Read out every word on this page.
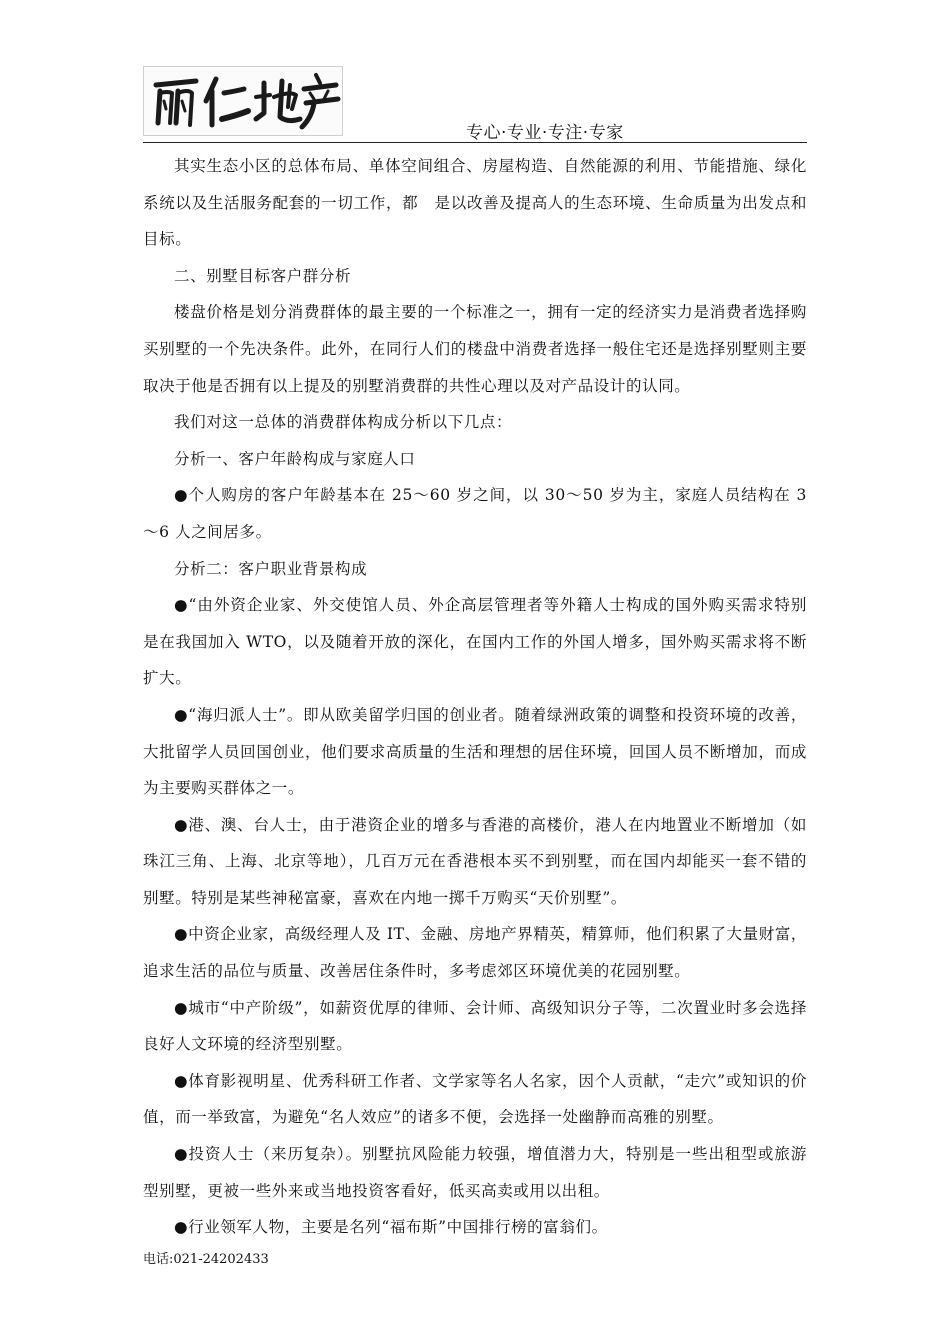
专心·专业·专注·专家

其实生态小区的总体布局、单体空间组合、房屋构造、自然能源的利用、节能措施、绿化系统以及生活服务配套的一切工作，都　是以改善及提高人的生态环境、生命质量为出发点和目标。

二、别墅目标客户群分析

楼盘价格是划分消费群体的最主要的一个标准之一，拥有一定的经济实力是消费者选择购买别墅的一个先决条件。此外，在同行人们的楼盘中消费者选择一般住宅还是选择别墅则主要取决于他是否拥有以上提及的别墅消费群的共性心理以及对产品设计的认同。

我们对这一总体的消费群体构成分析以下几点：

分析一、客户年龄构成与家庭人口

●个人购房的客户年龄基本在 25～60 岁之间，以 30～50 岁为主，家庭人员结构在 3～6 人之间居多。

分析二：客户职业背景构成

●“由外资企业家、外交使馆人员、外企高层管理者等外籍人士构成的国外购买需求特别是在我国加入 WTO，以及随着开放的深化，在国内工作的外国人增多，国外购买需求将不断扩大。

●“海归派人士”。即从欧美留学归国的创业者。随着绿洲政策的调整和投资环境的改善，大批留学人员回国创业，他们要求高质量的生活和理想的居住环境，回国人员不断增加，而成为主要购买群体之一。

●港、澳、台人士，由于港资企业的增多与香港的高楼价，港人在内地置业不断增加（如珠江三角、上海、北京等地），几百万元在香港根本买不到别墅，而在国内却能买一套不错的别墅。特别是某些神秘富豪，喜欢在内地一掷千万购买“天价别墅”。

●中资企业家，高级经理人及 IT、金融、房地产界精英，精算师，他们积累了大量财富，追求生活的品位与质量、改善居住条件时，多考虑郊区环境优美的花园别墅。

●城市“中产阶级”，如薪资优厚的律师、会计师、高级知识分子等，二次置业时多会选择良好人文环境的经济型别墅。

●体育影视明星、优秀科研工作者、文学家等名人名家，因个人贡献，“走穴”或知识的价值，而一举致富，为避免“名人效应”的诸多不便，会选择一处幽静而高雅的别墅。

●投资人士（来历复杂）。别墅抗风险能力较强，增值潜力大，特别是一些出租型或旅游型别墅，更被一些外来或当地投资客看好，低买高卖或用以出租。

●行业领军人物，主要是名列“福布斯”中国排行榜的富翁们。

电话:021-24202433
